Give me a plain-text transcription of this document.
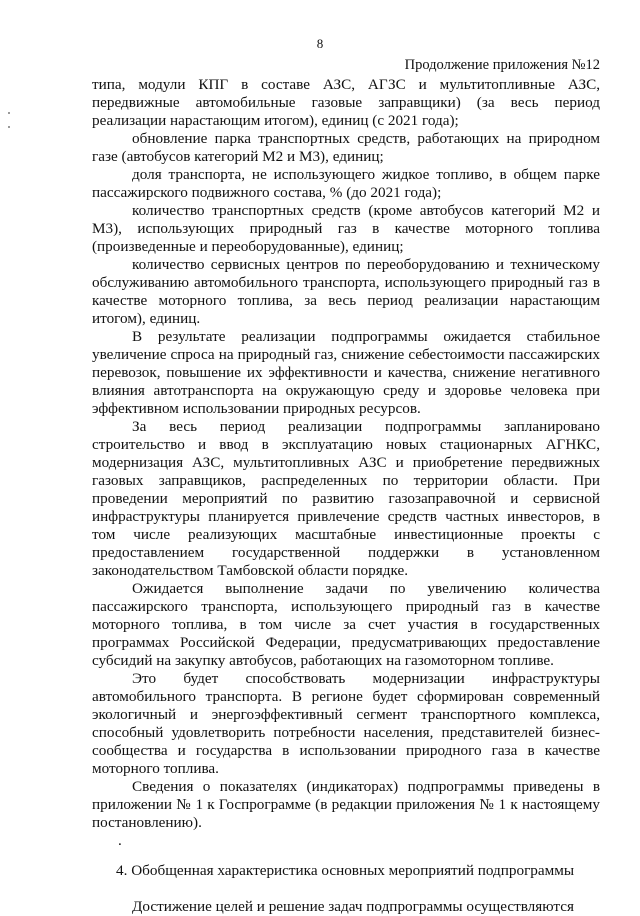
8
Продолжение приложения №12

типа, модули КПГ в составе АЗС, АГЗС и мультитопливные АЗС, передвижные автомобильные газовые заправщики) (за весь период реализации нарастающим итогом), единиц (с 2021 года);

обновление парка транспортных средств, работающих на природном газе (автобусов категорий М2 и М3), единиц;

доля транспорта, не использующего жидкое топливо, в общем парке пассажирского подвижного состава, % (до 2021 года);

количество транспортных средств (кроме автобусов категорий М2 и М3), использующих природный газ в качестве моторного топлива (произведенные и переоборудованные), единиц;

количество сервисных центров по переоборудованию и техническому обслуживанию автомобильного транспорта, использующего природный газ в качестве моторного топлива, за весь период реализации нарастающим итогом), единиц.

В результате реализации подпрограммы ожидается стабильное увеличение спроса на природный газ, снижение себестоимости пассажирских перевозок, повышение их эффективности и качества, снижение негативного влияния автотранспорта на окружающую среду и здоровье человека при эффективном использовании природных ресурсов.

За весь период реализации подпрограммы запланировано строительство и ввод в эксплуатацию новых стационарных АГНКС, модернизация АЗС, мультитопливных АЗС и приобретение передвижных газовых заправщиков, распределенных по территории области. При проведении мероприятий по развитию газозаправочной и сервисной инфраструктуры планируется привлечение средств частных инвесторов, в том числе реализующих масштабные инвестиционные проекты с предоставлением государственной поддержки в установленном законодательством Тамбовской области порядке.

Ожидается выполнение задачи по увеличению количества пассажирского транспорта, использующего природный газ в качестве моторного топлива, в том числе за счет участия в государственных программах Российской Федерации, предусматривающих предоставление субсидий на закупку автобусов, работающих на газомоторном топливе.

Это будет способствовать модернизации инфраструктуры автомобильного транспорта. В регионе будет сформирован современный экологичный и энергоэффективный сегмент транспортного комплекса, способный удовлетворить потребности населения, представителей бизнес-сообщества и государства в использовании природного газа в качестве моторного топлива.

Сведения о показателях (индикаторах) подпрограммы приведены в приложении № 1 к Госпрограмме (в редакции приложения № 1 к настоящему постановлению).

.

4. Обобщенная характеристика основных мероприятий подпрограммы

Достижение целей и решение задач подпрограммы осуществляются
